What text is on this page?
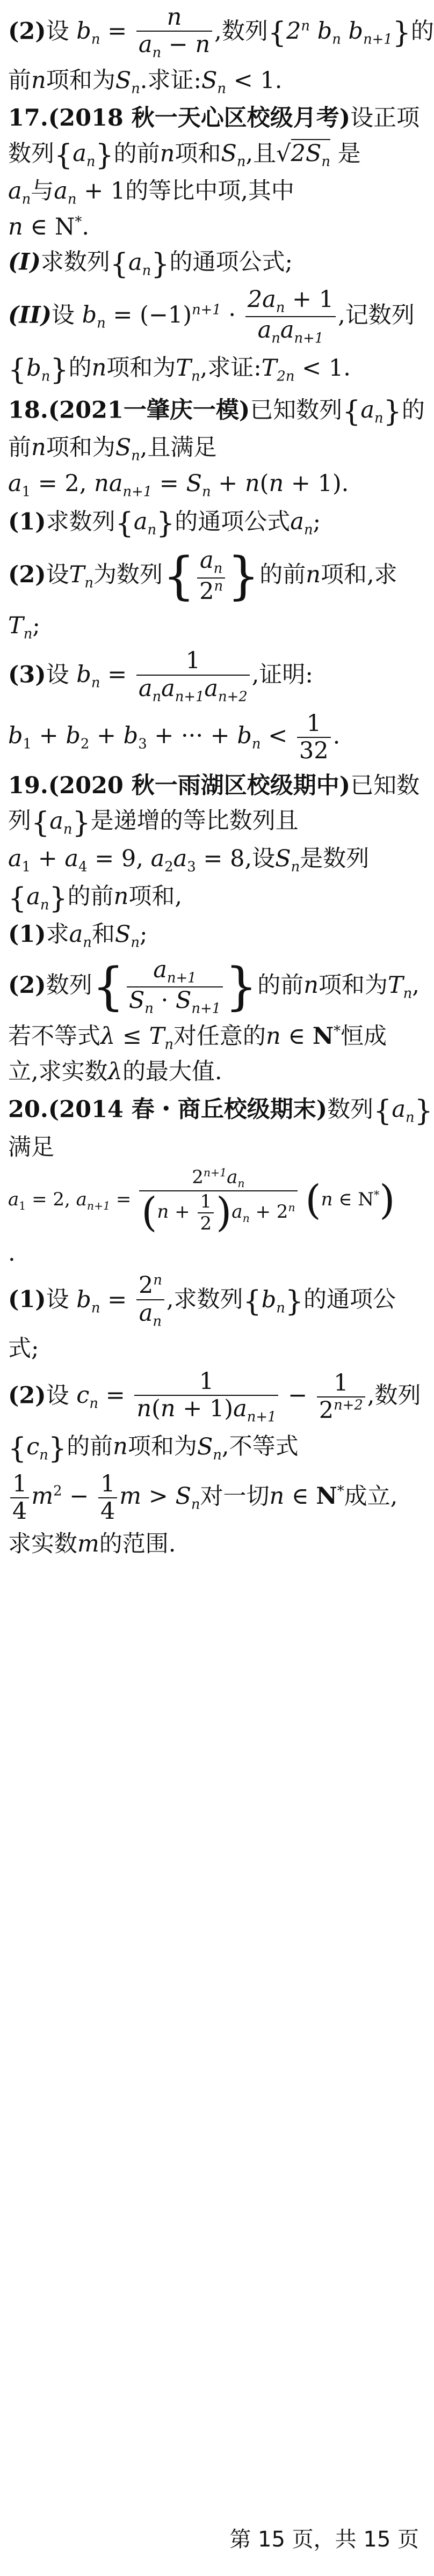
(2)设 $b_n = \frac{n}{a_n - n}$ ,数列{2$^n$ $b_n$ $b_{n+1}$}的
前n项和为$S_n$.求证$:S_n < 1$.
17.(2018 秋一天心区校级月考)设正项
数列$\{a_n\}$的前n项和$S_n$,且$√2S_n$ 是
$a_n$与$a_n + 1$的等比中项,其中
n ∈ N*.
(I)求数列$\{a_n\}$的通项公式;
(II)设 $b_n = (-1)^{n+1} \cdot \frac{2a_n + 1}{a_na_{n+1}}$ ,记数列
$\{b_n\}$的n项和为$T_n$,求证$:T_{2n} < 1$.
18.(2021一肇庆一模)已知数列$\{a_n\}$的
前n项和为$S_n$,且满足
$a_1 = 2$, $na_{n+1} = S_n + n(n + 1)$.
(1)求数列$\{a_n\}$的通项公式$a_n$;
(2)设$T_n$为数列{ $\frac{a_n}{2^n}$ }的前n项和,求
$T_n$;
(3)设 $b_n = \frac{1}{a_na_{n+1}a_{n+2}}$ ,证明:
$b_1 + b_2 + b_3$ + ··· + $b_n < \frac{1}{32}$ .
19.(2020 秋一雨湖区校级期中)已知数
列$\{a_n\}$是递增的等比数列且
$a_1 + a_4 = 9$, $a_2a_3 = 8$,设$S_n$是数列
$\{a_n\}$的前n项和,
(1)求$a_n$和$S_n$;
(2)数列{ $\frac{a_{n+1}}{S_n \cdot S_{n+1}}$ }的前n项和为$T_n$,
若不等式$\lambda \le T_n$对任意的n ∈ N*恒成
立,求实数λ的最大值.
20.(2014 春・商丘校级期末)数列$\{a_n\}$
满足
$a_1 = 2$, $a_{n+1} = \frac{2^{n+1}a_n}{(n + \frac{1}{2} )a_n + 2^n} (n$ ∈ N*)
.
(1)设 $b_n = \frac{2^n}{a_n}$ ,求数列$\{b_n\}$的通项公
式;
(2)设 $c_n = \frac{1}{n(n + 1)a_{n+1}} - \frac{1}{2^{n+2}}$ ,数列
$\{c_n\}$的前n项和为$S_n$,不等式
$\frac{1}{4} m^2 - \frac{1}{4}$ $m > S_n$对一切n ∈ N*成立,
求实数m的范围.
第 15 页，共 15 页
